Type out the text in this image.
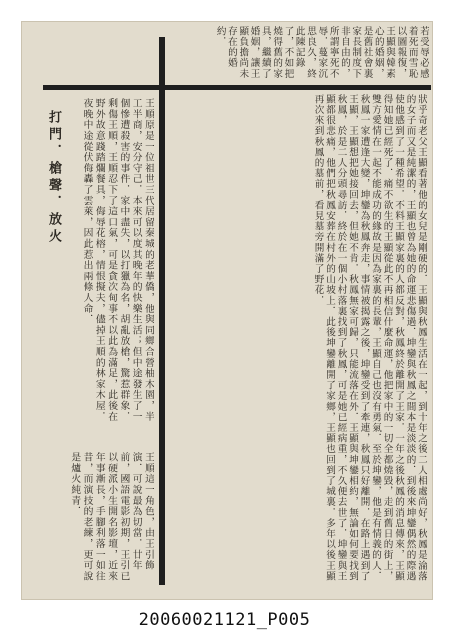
若受辱必感着死而雪恥以圖報復，王顯與韓素心的婚姻，是舊社會裏家長制度下非自由的，所謂寧死不辱．蔓家沉思良久，終此陳記錄了，不如把燒得舊的家具，繼續了婚姻，讓王顯負擔尚未存在的婚約．
狀乎奇老父王顯看著他的女兒是剛硬的．王顯與秋鳳生活在一起，到十年之後二人相處尚好，秋鳳是淪落的女子而又是純潔的，王顯也曾為她的命運悲傷過．坤鑾與秋鳳之間本是淡淡的．到後來坤鑾偶然的際遇使他感到了一種希望．不料王顯家裏的人都反對，秋鳳終於離開了王家．一年之後秋鳳的消息傳來，王顯得知她已經死了．痛不欲生的王顯從此不再相信什麼命運，他把家中的一切全都燒毀，走到舊日的街上，雙方愛情在一起不能成功的緣故是因為家裏的長輩，王顯自己也沒有勇氣．至於坤鑾，他是有情義的人．秋鳳一家遭逢大變，坤鑾為秋鳳奔走，事情被揭露之後，坤鑾受到了牽連，秋鳳只好離開．在路上遇到了王顯，王顯想把她接回去，但她不肯．秋鳳無家可歸，只能流落在外．王顯與坤鑾相約，無論如何要找到秋鳳，於是二人分頭尋訪．終於在一個小村落裏找到了秋鳳，可是她已經病重，不久便去世了．坤鑾與王顯都很悲痛，他們把秋鳳安葬在村外的山坡上．此後坤鑾離開了家鄉，王顯也回到了城裏．多年以後王顯再次來到秋鳳的墓前，看見墓旁開滿了野花．
王順原是一位祖世三代居留秦城的老華僑，他與同鄉合營柚木園，半工半商，安分守己．本來可以度其晚年的快樂生活；但中途發生了一個慘遭殺害的事件．家中盡失，以打獵為名，胡亂放槍，驚惹群象．剩傷王順，王順忍下了這口氣，可是貪次甸事不以此為滿足，此後在野外故意踐踏爛餐具，侮辱花榕，情恨擬夫，儘掉王順的林家木屋．夜晚中途從伏侮轟了雲萊，因此惹出兩條人命．
打門．槍聲．放火
王順這一角色，由王引飾演．可說最為切當．廿年前，國語電影初期，王引已以硬派小生開名影壇，近來年事漸長，手腳利落一如往昔，而演技的老練，更可說是爐火純青．
20060021121_P005
